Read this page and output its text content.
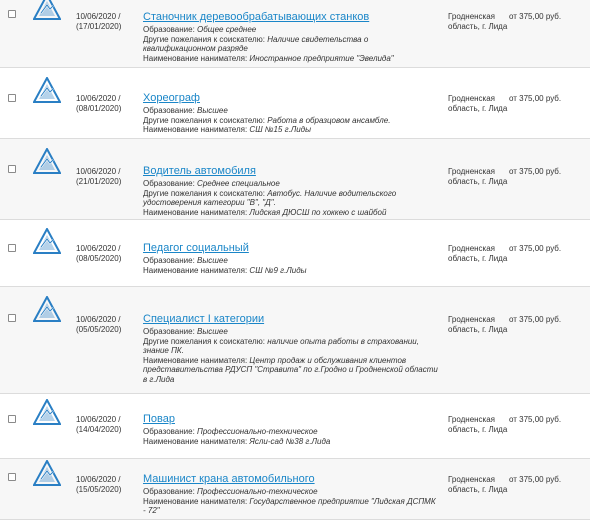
10/06/2020 /
(17/01/2020)
Станочник деревообрабатывающих станков
Образование: Общее среднее
Другие пожелания к соискателю: Наличие свидетельства о квалификационном разряде
Наименование нанимателя: Иностранное предприятие "Эвелида"
Гродненская область, г. Лида
от 375,00 руб.
10/06/2020 /
(08/01/2020)
Хореограф
Образование: Высшее
Другие пожелания к соискателю: Работа в образцовом ансамбле.
Наименование нанимателя: СШ №15 г.Лиды
Гродненская область, г. Лида
от 375,00 руб.
10/06/2020 /
(21/01/2020)
Водитель автомобиля
Образование: Среднее специальное
Другие пожелания к соискателю: Автобус. Наличие водительского удостоверения категории "В", "Д".
Наименование нанимателя: Лидская ДЮСШ по хоккею с шайбой
Гродненская область, г. Лида
от 375,00 руб.
10/06/2020 /
(08/05/2020)
Педагог социальный
Образование: Высшее
Наименование нанимателя: СШ №9 г.Лиды
Гродненская область, г. Лида
от 375,00 руб.
10/06/2020 /
(05/05/2020)
Специалист I категории
Образование: Высшее
Другие пожелания к соискателю: наличие опыта работы в страховании, знание ПК.
Наименование нанимателя: Центр продаж и обслуживания клиентов представительства РДУСП "Стравита" по г.Гродно и Гродненской области в г.Лида
Гродненская область, г. Лида
от 375,00 руб.
10/06/2020 /
(14/04/2020)
Повар
Образование: Профессионально-техническое
Наименование нанимателя: Ясли-сад №38 г.Лида
Гродненская область, г. Лида
от 375,00 руб.
10/06/2020 /
(15/05/2020)
Машинист крана автомобильного
Образование: Профессионально-техническое
Наименование нанимателя: Государственное предприятие "Лидская ДСПМК - 72"
Гродненская область, г. Лида
от 375,00 руб.
